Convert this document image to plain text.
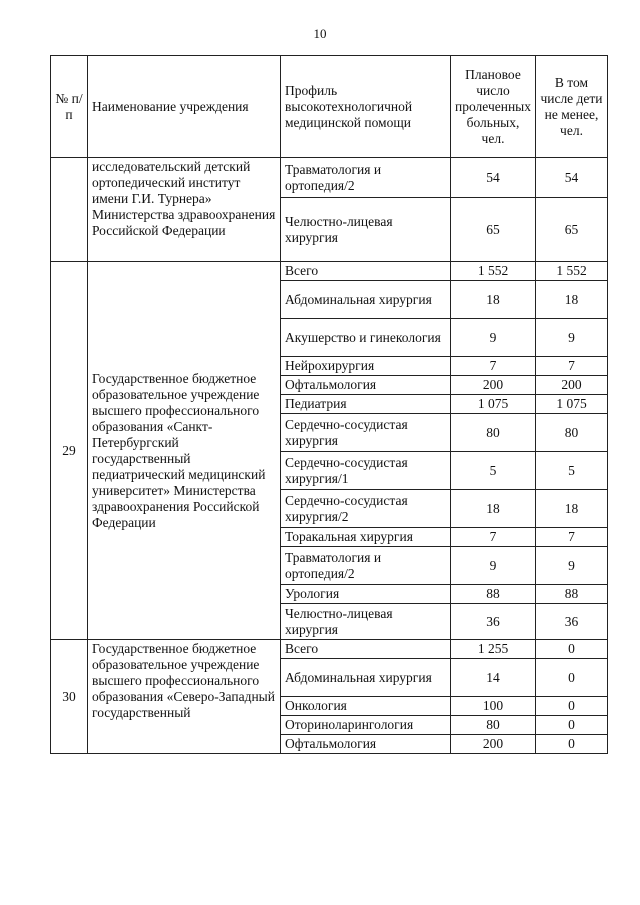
10
№ п/п	Наименование учреждения	Профиль высокотехнологичной медицинской помощи	Плановое число пролеченных больных, чел.	В том числе дети не менее, чел.
	исследовательский детский ортопедический институт имени Г.И. Турнера» Министерства здравоохранения Российской Федерации	Травматология и ортопедия/2	54	54
		Челюстно-лицевая хирургия	65	65
29	Государственное бюджетное образовательное учреждение высшего профессионального образования «Санкт-Петербургский государственный педиатрический медицинский университет» Министерства здравоохранения Российской Федерации	Всего	1 552	1 552
		Абдоминальная хирургия	18	18
		Акушерство и гинекология	9	9
		Нейрохирургия	7	7
		Офтальмология	200	200
		Педиатрия	1 075	1 075
		Сердечно-сосудистая хирургия	80	80
		Сердечно-сосудистая хирургия/1	5	5
		Сердечно-сосудистая хирургия/2	18	18
		Торакальная хирургия	7	7
		Травматология и ортопедия/2	9	9
		Урология	88	88
		Челюстно-лицевая хирургия	36	36
30	Государственное бюджетное образовательное учреждение высшего профессионального образования «Северо-Западный государственный	Всего	1 255	0
		Абдоминальная хирургия	14	0
		Онкология	100	0
		Оториноларингология	80	0
		Офтальмология	200	0
